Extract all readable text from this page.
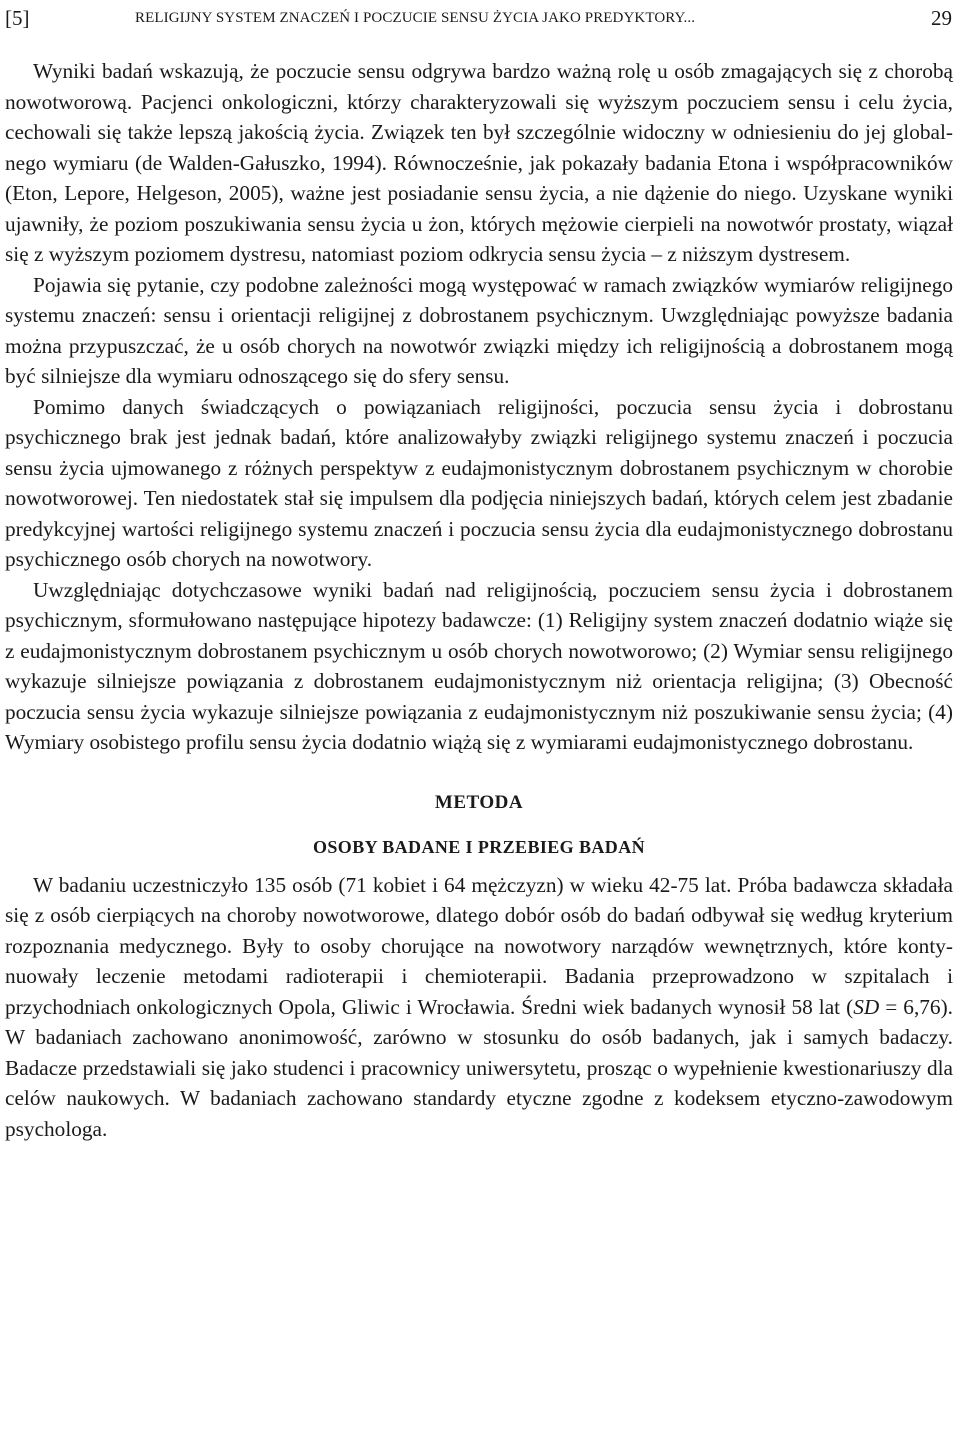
[5]	RELIGIJNY SYSTEM ZNACZEŃ I POCZUCIE SENSU ŻYCIA JAKO PREDYKTORY...	29

Wyniki badań wskazują, że poczucie sensu odgrywa bardzo ważną rolę u osób zmagających się z chorobą nowotworową. Pacjenci onkologiczni, którzy charakteryzowali się wyższym poczuciem sensu i celu życia, cechowali się także lepszą jakością życia. Związek ten był szczególnie widoczny w odniesieniu do jej globalnego wymiaru (de Walden-Gałuszko, 1994). Równocześnie, jak pokazały badania Etona i współpracowników (Eton, Lepore, Helgeson, 2005), ważne jest posiadanie sensu życia, a nie dążenie do niego. Uzyskane wyniki ujawniły, że poziom poszukiwania sensu życia u żon, których mężowie cierpieli na nowotwór prostaty, wiązał się z wyższym poziomem dystresu, natomiast poziom odkrycia sensu życia – z niższym dystresem.

Pojawia się pytanie, czy podobne zależności mogą występować w ramach związków wymiarów religijnego systemu znaczeń: sensu i orientacji religijnej z dobrostanem psychicznym. Uwzględniając powyższe badania można przypuszczać, że u osób chorych na nowotwór związki między ich religijnością a dobrostanem mogą być silniejsze dla wymiaru odnoszącego się do sfery sensu.

Pomimo danych świadczących o powiązaniach religijności, poczucia sensu życia i dobrostanu psychicznego brak jest jednak badań, które analizowałyby związki religijnego systemu znaczeń i poczucia sensu życia ujmowanego z różnych perspektyw z eudajmonistycznym dobrostanem psychicznym w chorobie nowotworowej. Ten niedostatek stał się impulsem dla podjęcia niniejszych badań, których celem jest zbadanie predykcyjnej wartości religijnego systemu znaczeń i poczucia sensu życia dla eudajmonistycznego dobrostanu psychicznego osób chorych na nowotwory.

Uwzględniając dotychczasowe wyniki badań nad religijnością, poczuciem sensu życia i dobrostanem psychicznym, sformułowano następujące hipotezy badawcze: (1) Religijny system znaczeń dodatnio wiąże się z eudajmonistycznym dobrostanem psychicznym u osób chorych nowotworowo; (2) Wymiar sensu religijnego wykazuje silniejsze powiązania z dobrostanem eudajmonistycznym niż orientacja religijna; (3) Obecność poczucia sensu życia wykazuje silniejsze powiązania z eudajmonistycznym niż poszukiwanie sensu życia; (4) Wymiary osobistego profilu sensu życia dodatnio wiążą się z wymiarami eudajmonistycznego dobrostanu.

METODA
OSOBY BADANE I PRZEBIEG BADAŃ

W badaniu uczestniczyło 135 osób (71 kobiet i 64 mężczyzn) w wieku 42-75 lat. Próba badawcza składała się z osób cierpiących na choroby nowotworowe, dlatego dobór osób do badań odbywał się według kryterium rozpoznania medycznego. Były to osoby chorujące na nowotwory narządów wewnętrznych, które kontynuowały leczenie metodami radioterapii i chemioterapii. Badania przeprowadzono w szpitalach i przychodniach onkologicznych Opola, Gliwic i Wrocławia. Średni wiek badanych wynosił 58 lat (SD = 6,76). W badaniach zachowano anonimowość, zarówno w stosunku do osób badanych, jak i samych badaczy. Badacze przedstawiali się jako studenci i pracownicy uniwersytetu, prosząc o wypełnienie kwestionariuszy dla celów naukowych. W badaniach zachowano standardy etyczne zgodne z kodeksem etyczno-zawodowym psychologa.
